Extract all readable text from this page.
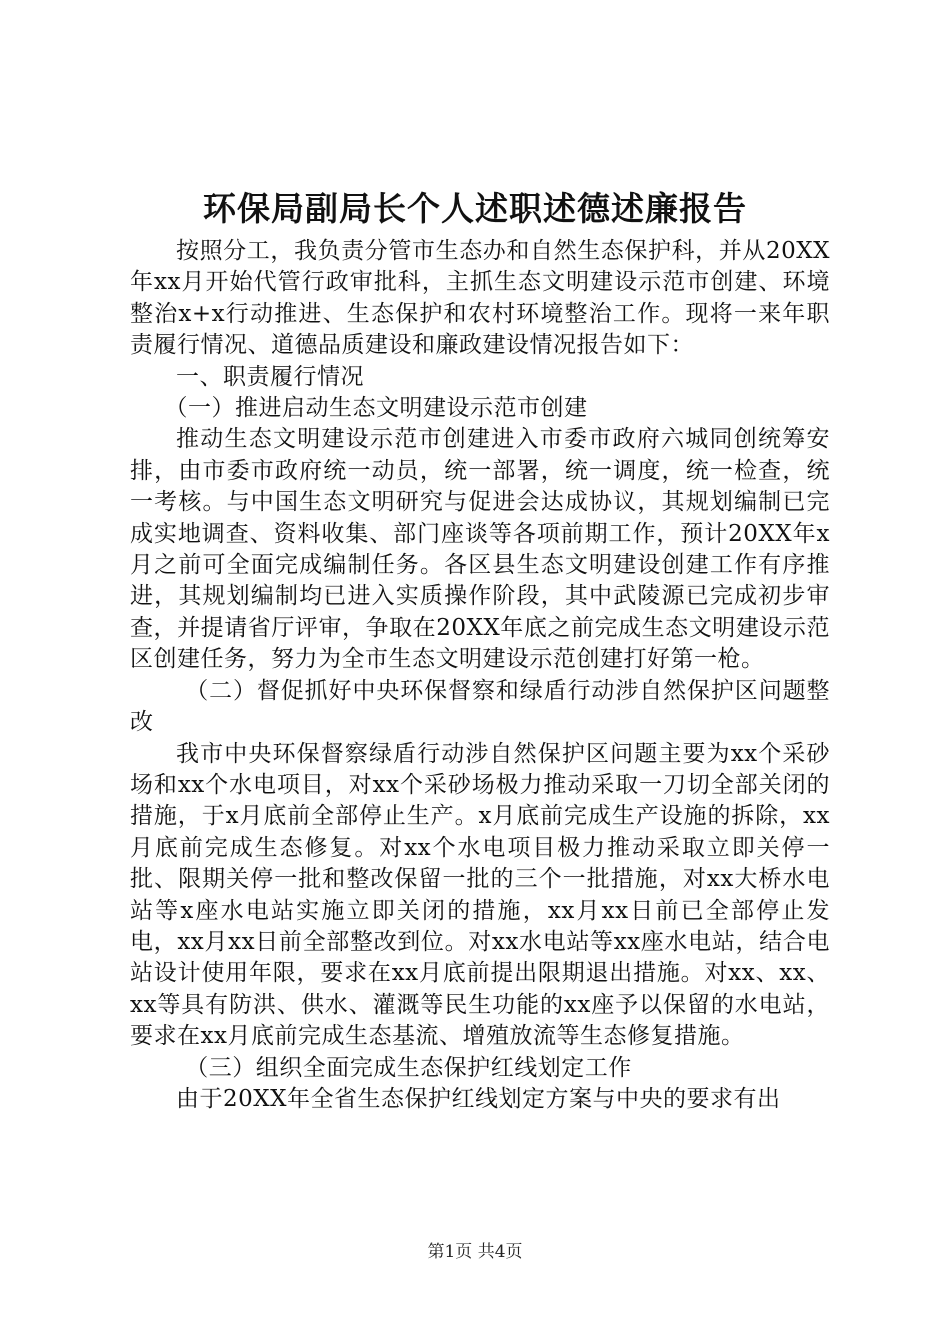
环保局副局长个人述职述德述廉报告

按照分工，我负责分管市生态办和自然生态保护科，并从20XX年xx月开始代管行政审批科，主抓生态文明建设示范市创建、环境整治x+x行动推进、生态保护和农村环境整治工作。现将一来年职责履行情况、道德品质建设和廉政建设情况报告如下：

一、职责履行情况

（一）推进启动生态文明建设示范市创建

推动生态文明建设示范市创建进入市委市政府六城同创统筹安排，由市委市政府统一动员，统一部署，统一调度，统一检查，统一考核。与中国生态文明研究与促进会达成协议，其规划编制已完成实地调查、资料收集、部门座谈等各项前期工作，预计20XX年x月之前可全面完成编制任务。各区县生态文明建设创建工作有序推进，其规划编制均已进入实质操作阶段，其中武陵源已完成初步审查，并提请省厅评审，争取在20XX年底之前完成生态文明建设示范区创建任务，努力为全市生态文明建设示范创建打好第一枪。

（二）督促抓好中央环保督察和绿盾行动涉自然保护区问题整改

我市中央环保督察绿盾行动涉自然保护区问题主要为xx个采砂场和xx个水电项目，对xx个采砂场极力推动采取一刀切全部关闭的措施，于x月底前全部停止生产。x月底前完成生产设施的拆除，xx月底前完成生态修复。对xx个水电项目极力推动采取立即关停一批、限期关停一批和整改保留一批的三个一批措施，对xx大桥水电站等x座水电站实施立即关闭的措施，xx月xx日前已全部停止发电，xx月xx日前全部整改到位。对xx水电站等xx座水电站，结合电站设计使用年限，要求在xx月底前提出限期退出措施。对xx、xx、xx等具有防洪、供水、灌溉等民生功能的xx座予以保留的水电站，要求在xx月底前完成生态基流、增殖放流等生态修复措施。

（三）组织全面完成生态保护红线划定工作

由于20XX年全省生态保护红线划定方案与中央的要求有出

第1页 共4页
